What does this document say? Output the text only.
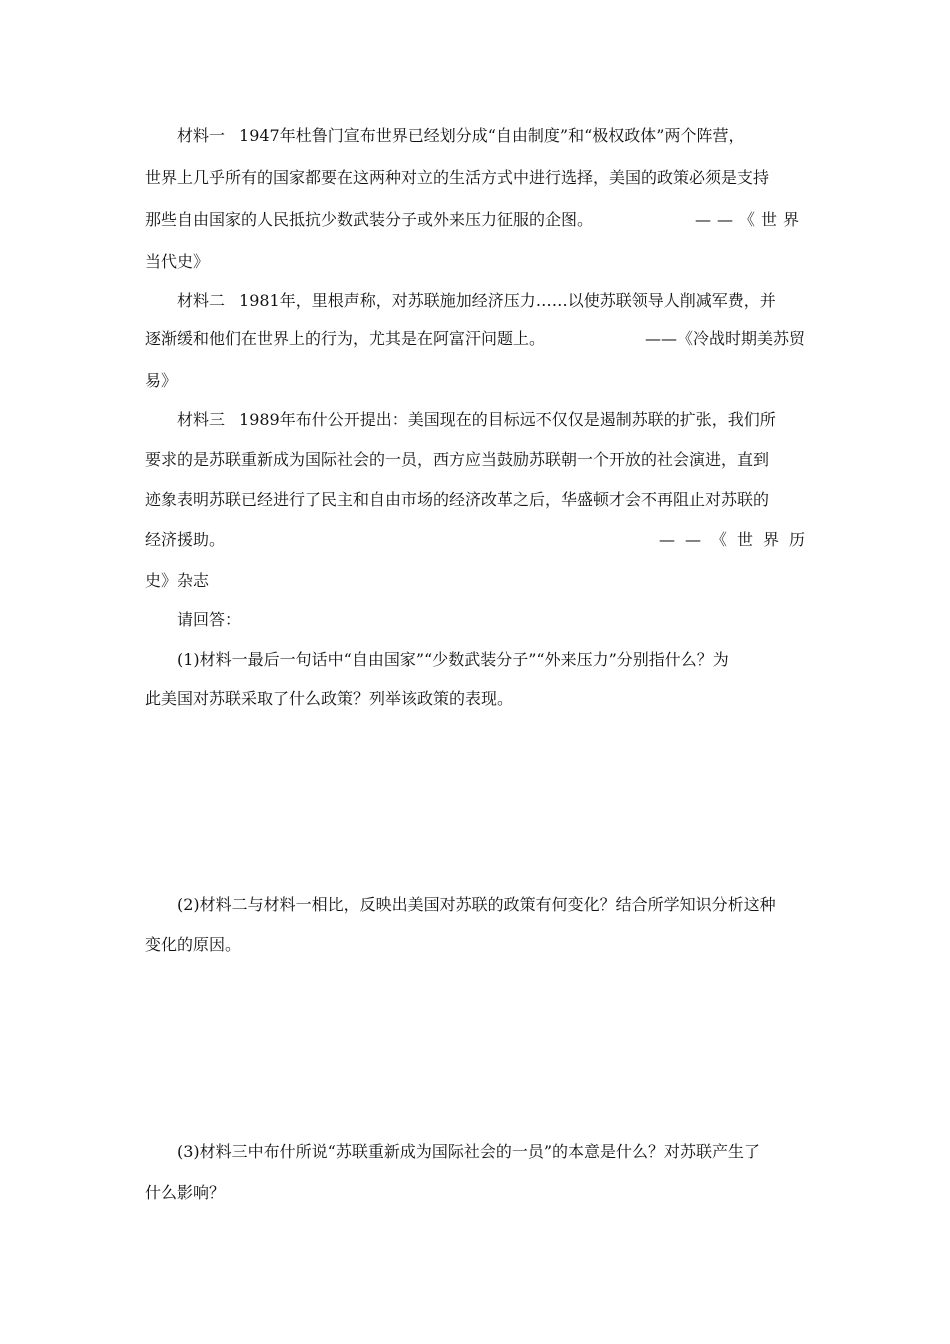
材料一 1947年杜鲁门宣布世界已经划分成“自由制度”和“极权政体”两个阵营，
世界上几乎所有的国家都要在这两种对立的生活方式中进行选择，美国的政策必须是支持
那些自由国家的人民抵抗少数武装分子或外来压力征服的企图。	——《世界
当代史》
材料二 1981年，里根声称，对苏联施加经济压力……以使苏联领导人削减军费，并
逐渐缓和他们在世界上的行为，尤其是在阿富汗问题上。	——《冷战时期美苏贸
易》
材料三 1989年布什公开提出：美国现在的目标远不仅仅是遏制苏联的扩张，我们所
要求的是苏联重新成为国际社会的一员，西方应当鼓励苏联朝一个开放的社会演进，直到
迹象表明苏联已经进行了民主和自由市场的经济改革之后，华盛顿才会不再阻止对苏联的
经济援助。	——《世界历
史》杂志
请回答：
(1)材料一最后一句话中“自由国家”“少数武装分子”“外来压力”分别指什么？为
此美国对苏联采取了什么政策？列举该政策的表现。
(2)材料二与材料一相比，反映出美国对苏联的政策有何变化？结合所学知识分析这种
变化的原因。
(3)材料三中布什所说“苏联重新成为国际社会的一员”的本意是什么？对苏联产生了
什么影响？
